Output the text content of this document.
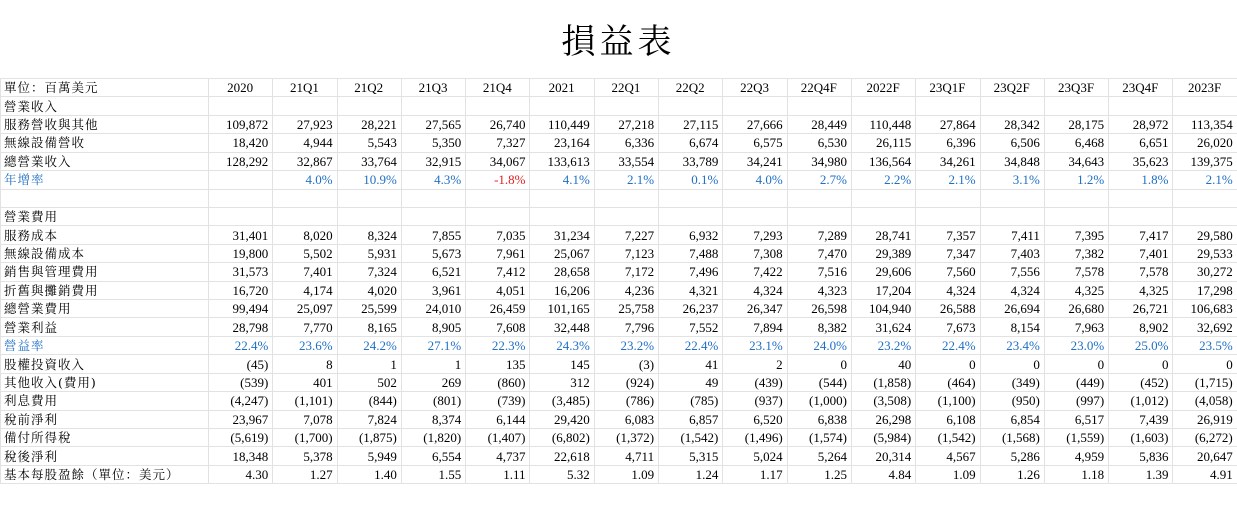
損益表
單位：百萬美元	2020	21Q1	21Q2	21Q3	21Q4	2021	22Q1	22Q2	22Q3	22Q4F	2022F	23Q1F	23Q2F	23Q3F	23Q4F	2023F
營業收入																
服務營收與其他	109,872	27,923	28,221	27,565	26,740	110,449	27,218	27,115	27,666	28,449	110,448	27,864	28,342	28,175	28,972	113,354
無線設備營收	18,420	4,944	5,543	5,350	7,327	23,164	6,336	6,674	6,575	6,530	26,115	6,396	6,506	6,468	6,651	26,020
總營業收入	128,292	32,867	33,764	32,915	34,067	133,613	33,554	33,789	34,241	34,980	136,564	34,261	34,848	34,643	35,623	139,375
年增率		4.0%	10.9%	4.3%	-1.8%	4.1%	2.1%	0.1%	4.0%	2.7%	2.2%	2.1%	3.1%	1.2%	1.8%	2.1%

營業費用																
服務成本	31,401	8,020	8,324	7,855	7,035	31,234	7,227	6,932	7,293	7,289	28,741	7,357	7,411	7,395	7,417	29,580
無線設備成本	19,800	5,502	5,931	5,673	7,961	25,067	7,123	7,488	7,308	7,470	29,389	7,347	7,403	7,382	7,401	29,533
銷售與管理費用	31,573	7,401	7,324	6,521	7,412	28,658	7,172	7,496	7,422	7,516	29,606	7,560	7,556	7,578	7,578	30,272
折舊與攤銷費用	16,720	4,174	4,020	3,961	4,051	16,206	4,236	4,321	4,324	4,323	17,204	4,324	4,324	4,325	4,325	17,298
總營業費用	99,494	25,097	25,599	24,010	26,459	101,165	25,758	26,237	26,347	26,598	104,940	26,588	26,694	26,680	26,721	106,683
營業利益	28,798	7,770	8,165	8,905	7,608	32,448	7,796	7,552	7,894	8,382	31,624	7,673	8,154	7,963	8,902	32,692
營益率	22.4%	23.6%	24.2%	27.1%	22.3%	24.3%	23.2%	22.4%	23.1%	24.0%	23.2%	22.4%	23.4%	23.0%	25.0%	23.5%
股權投資收入	(45)	8	1	1	135	145	(3)	41	2	0	40	0	0	0	0	0
其他收入(費用)	(539)	401	502	269	(860)	312	(924)	49	(439)	(544)	(1,858)	(464)	(349)	(449)	(452)	(1,715)
利息費用	(4,247)	(1,101)	(844)	(801)	(739)	(3,485)	(786)	(785)	(937)	(1,000)	(3,508)	(1,100)	(950)	(997)	(1,012)	(4,058)
稅前淨利	23,967	7,078	7,824	8,374	6,144	29,420	6,083	6,857	6,520	6,838	26,298	6,108	6,854	6,517	7,439	26,919
備付所得稅	(5,619)	(1,700)	(1,875)	(1,820)	(1,407)	(6,802)	(1,372)	(1,542)	(1,496)	(1,574)	(5,984)	(1,542)	(1,568)	(1,559)	(1,603)	(6,272)
稅後淨利	18,348	5,378	5,949	6,554	4,737	22,618	4,711	5,315	5,024	5,264	20,314	4,567	5,286	4,959	5,836	20,647
基本每股盈餘（單位：美元）	4.30	1.27	1.40	1.55	1.11	5.32	1.09	1.24	1.17	1.25	4.84	1.09	1.26	1.18	1.39	4.91
